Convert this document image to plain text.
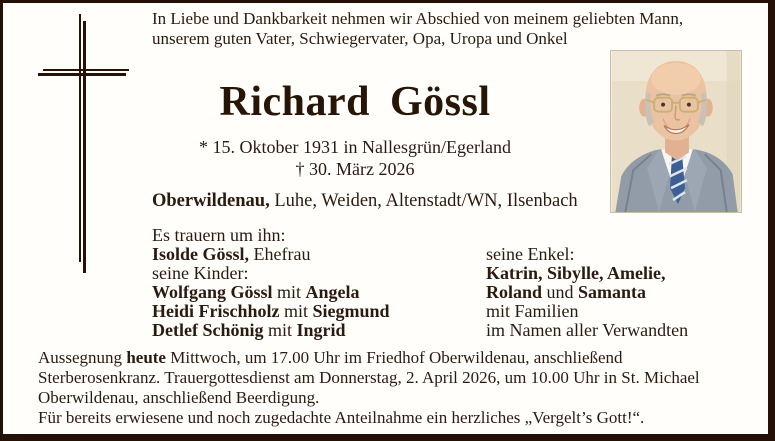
In Liebe und Dankbarkeit nehmen wir Abschied von meinem geliebten Mann,
unserem guten Vater, Schwiegervater, Opa, Uropa und Onkel
Richard Gössl
* 15. Oktober 1931 in Nallesgrün/Egerland
† 30. März 2026
Oberwildenau, Luhe, Weiden, Altenstadt/WN, Ilsenbach
Es trauern um ihn:
Isolde Gössl, Ehefrau
seine Kinder:
Wolfgang Gössl mit Angela
Heidi Frischholz mit Siegmund
Detlef Schönig mit Ingrid
seine Enkel:
Katrin, Sibylle, Amelie,
Roland und Samanta
mit Familien
im Namen aller Verwandten
Aussegnung heute Mittwoch, um 17.00 Uhr im Friedhof Oberwildenau, anschließend
Sterberosenkranz. Trauergottesdienst am Donnerstag, 2. April 2026, um 10.00 Uhr in St. Michael
Oberwildenau, anschließend Beerdigung.
Für bereits erwiesene und noch zugedachte Anteilnahme ein herzliches „Vergelt’s Gott!“.
